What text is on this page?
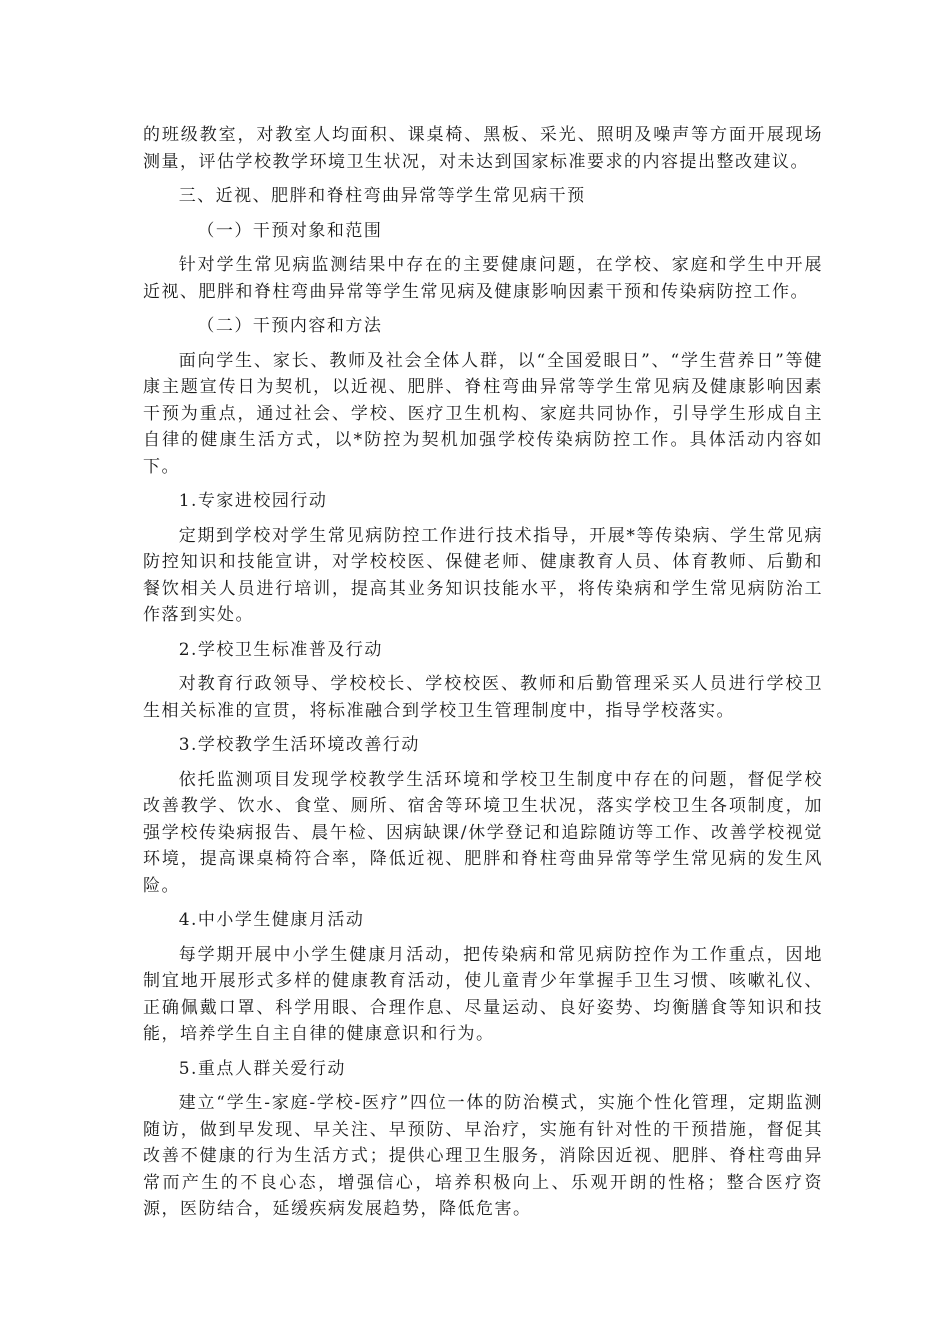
的班级教室，对教室人均面积、课桌椅、黑板、采光、照明及噪声等方面开展现场测量，评估学校教学环境卫生状况，对未达到国家标准要求的内容提出整改建议。

三、近视、肥胖和脊柱弯曲异常等学生常见病干预

（一）干预对象和范围

针对学生常见病监测结果中存在的主要健康问题，在学校、家庭和学生中开展近视、肥胖和脊柱弯曲异常等学生常见病及健康影响因素干预和传染病防控工作。

（二）干预内容和方法

面向学生、家长、教师及社会全体人群，以“全国爱眼日”、“学生营养日”等健康主题宣传日为契机，以近视、肥胖、脊柱弯曲异常等学生常见病及健康影响因素干预为重点，通过社会、学校、医疗卫生机构、家庭共同协作，引导学生形成自主自律的健康生活方式，以*防控为契机加强学校传染病防控工作。具体活动内容如下。

1.专家进校园行动

定期到学校对学生常见病防控工作进行技术指导，开展*等传染病、学生常见病防控知识和技能宣讲，对学校校医、保健老师、健康教育人员、体育教师、后勤和餐饮相关人员进行培训，提高其业务知识技能水平，将传染病和学生常见病防治工作落到实处。

2.学校卫生标准普及行动

对教育行政领导、学校校长、学校校医、教师和后勤管理采买人员进行学校卫生相关标准的宣贯，将标准融合到学校卫生管理制度中，指导学校落实。

3.学校教学生活环境改善行动

依托监测项目发现学校教学生活环境和学校卫生制度中存在的问题，督促学校改善教学、饮水、食堂、厕所、宿舍等环境卫生状况，落实学校卫生各项制度，加强学校传染病报告、晨午检、因病缺课/休学登记和追踪随访等工作、改善学校视觉环境，提高课桌椅符合率，降低近视、肥胖和脊柱弯曲异常等学生常见病的发生风险。

4.中小学生健康月活动

每学期开展中小学生健康月活动，把传染病和常见病防控作为工作重点，因地制宜地开展形式多样的健康教育活动，使儿童青少年掌握手卫生习惯、咳嗽礼仪、正确佩戴口罩、科学用眼、合理作息、尽量运动、良好姿势、均衡膳食等知识和技能，培养学生自主自律的健康意识和行为。

5.重点人群关爱行动

建立“学生-家庭-学校-医疗”四位一体的防治模式，实施个性化管理，定期监测随访，做到早发现、早关注、早预防、早治疗，实施有针对性的干预措施，督促其改善不健康的行为生活方式；提供心理卫生服务，消除因近视、肥胖、脊柱弯曲异常而产生的不良心态，增强信心，培养积极向上、乐观开朗的性格；整合医疗资源，医防结合，延缓疾病发展趋势，降低危害。
